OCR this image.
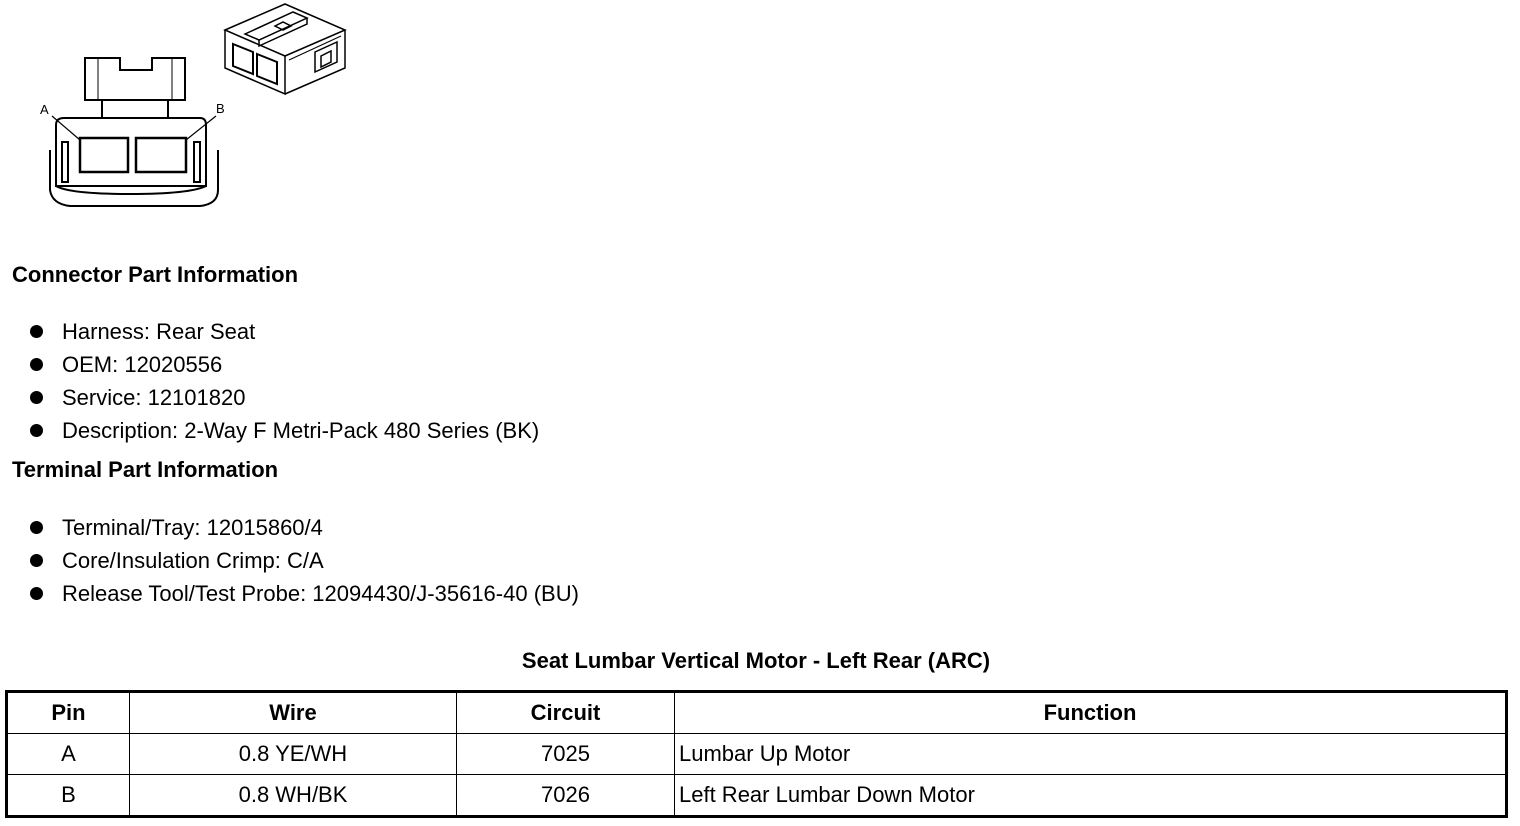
A	B
Connector Part Information
Harness: Rear Seat
OEM: 12020556
Service: 12101820
Description: 2-Way F Metri-Pack 480 Series (BK)
Terminal Part Information
Terminal/Tray: 12015860/4
Core/Insulation Crimp: C/A
Release Tool/Test Probe: 12094430/J-35616-40 (BU)
Seat Lumbar Vertical Motor - Left Rear (ARC)
Pin	Wire	Circuit	Function
A	0.8 YE/WH	7025	Lumbar Up Motor
B	0.8 WH/BK	7026	Left Rear Lumbar Down Motor
